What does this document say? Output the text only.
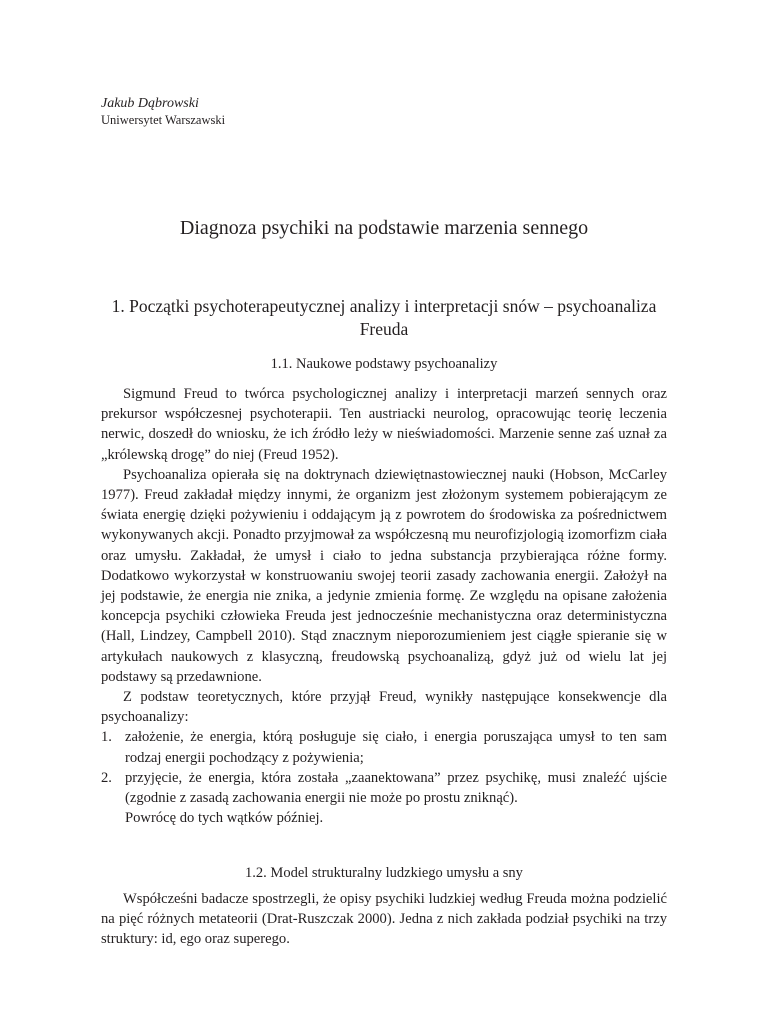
Jakub Dąbrowski
Uniwersytet Warszawski
Diagnoza psychiki na podstawie marzenia sennego
1. Początki psychoterapeutycznej analizy i interpretacji snów – psychoanaliza Freuda
1.1. Naukowe podstawy psychoanalizy

Sigmund Freud to twórca psychologicznej analizy i interpretacji marzeń sennych oraz prekursor współczesnej psychoterapii. Ten austriacki neurolog, opracowując teorię leczenia nerwic, doszedł do wniosku, że ich źródło leży w nieświadomości. Marzenie senne zaś uznał za „królewską drogę” do niej (Freud 1952).

Psychoanaliza opierała się na doktrynach dziewiętnastowiecznej nauki (Hobson, McCarley 1977). Freud zakładał między innymi, że organizm jest złożonym systemem pobierającym ze świata energię dzięki pożywieniu i oddającym ją z powrotem do środowiska za pośrednictwem wykonywanych akcji. Ponadto przyjmował za współczesną mu neurofizjologią izomorfizm ciała oraz umysłu. Zakładał, że umysł i ciało to jedna substancja przybierająca różne formy. Dodatkowo wykorzystał w konstruowaniu swojej teorii zasady zachowania energii. Założył na jej podstawie, że energia nie znika, a jedynie zmienia formę. Ze względu na opisane założenia koncepcja psychiki człowieka Freuda jest jednocześnie mechanistyczna oraz deterministyczna (Hall, Lindzey, Campbell 2010). Stąd znacznym nieporozumieniem jest ciągłe spieranie się w artykułach naukowych z klasyczną, freudowską psychoanalizą, gdyż już od wielu lat jej podstawy są przedawnione.

Z podstaw teoretycznych, które przyjął Freud, wynikły następujące konsekwencje dla psychoanalizy:

1. założenie, że energia, którą posługuje się ciało, i energia poruszająca umysł to ten sam rodzaj energii pochodzący z pożywienia;
2. przyjęcie, że energia, która została „zaanektowana” przez psychikę, musi znaleźć ujście (zgodnie z zasadą zachowania energii nie może po prostu zniknąć).

Powrócę do tych wątków później.

1.2. Model strukturalny ludzkiego umysłu a sny

Współcześni badacze spostrzegli, że opisy psychiki ludzkiej według Freuda można podzielić na pięć różnych metateorii (Drat-Ruszczak 2000). Jedna z nich zakłada podział psychiki na trzy struktury: id, ego oraz superego.
